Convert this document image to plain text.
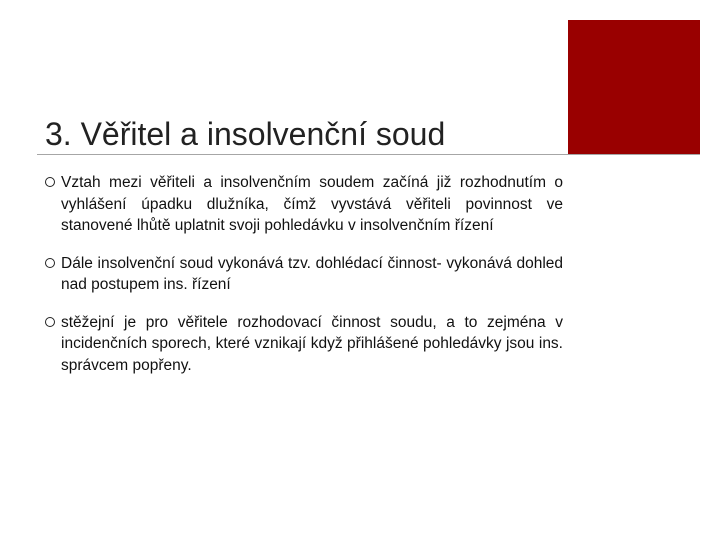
3. Věřitel a insolvenční soud
Vztah mezi věřiteli a insolvenčním soudem začíná již rozhodnutím o vyhlášení úpadku dlužníka, čímž vyvstává věřiteli povinnost ve stanovené lhůtě uplatnit svoji pohledávku v insolvenčním řízení
Dále insolvenční soud vykonává tzv. dohlédací činnost- vykonává dohled nad postupem ins. řízení
stěžejní je pro věřitele rozhodovací činnost soudu, a to zejména v incidenčních sporech, které vznikají když přihlášené pohledávky jsou ins. správcem popřeny.
